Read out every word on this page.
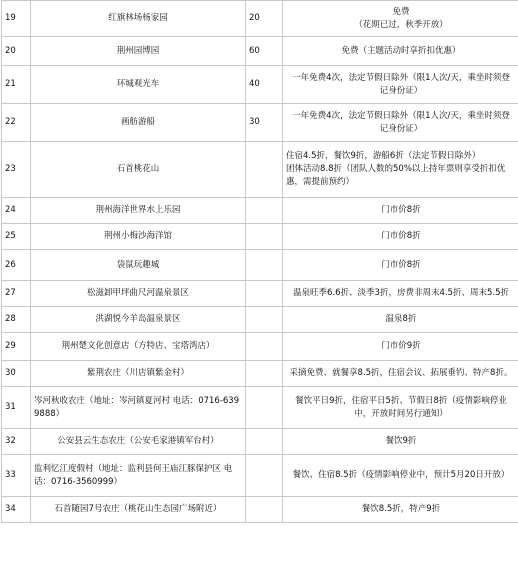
19	红旗林场杨家园	20	免费
（花期已过，秋季开放）

20	荆州园博园	60	免费（主题活动时享折扣优惠）

21	环城观光车	40	一年免费4次，法定节假日除外（限1人次/天，乘坐时须登
记身份证）

22	画舫游船	30	一年免费4次，法定节假日除外（限1人次/天，乘坐时须登
记身份证）

23	石首桃花山		住宿4.5折，餐饮9折，游船6折（法定节假日除外）
团体活动8.8折（团队人数的50%以上持年票则享受折扣优
惠，需提前预约）

24	荆州海洋世界水上乐园		门市价8折

25	荆州小梅沙海洋馆		门市价8折

26	袋鼠玩趣城		门市价8折

27	松滋卸甲坪曲尺河温泉景区		温泉旺季6.6折、淡季3折，房费非周末4.5折、周末5.5折

28	洪湖悦今羊岛温泉景区		温泉8折

29	荆州楚文化创意店（方特店、宝塔湾店）		门市价9折

30	紫荆农庄（川店镇紫金村）		采摘免费、就餐享8.5折，住宿会议、拓展垂钓、特产8折。

31	岑河秋收农庄（地址：岑河镇夏河村 电话：0716-639 9888）		餐饮平日9折，住宿平日5折、节假日8折（疫情影响停业
中，开放时间另行通知）

32	公安县云生态农庄（公安毛家港镇军台村）		餐饮9折

33	监利忆江度假村（地址：监利县何王庙江豚保护区 电话：0716-3560999）		餐饮、住宿8.5折（疫情影响停业中，预计5月20日开放）

34	石首随园7号农庄（桃花山生态园广场附近）		餐饮8.5折，特产9折
